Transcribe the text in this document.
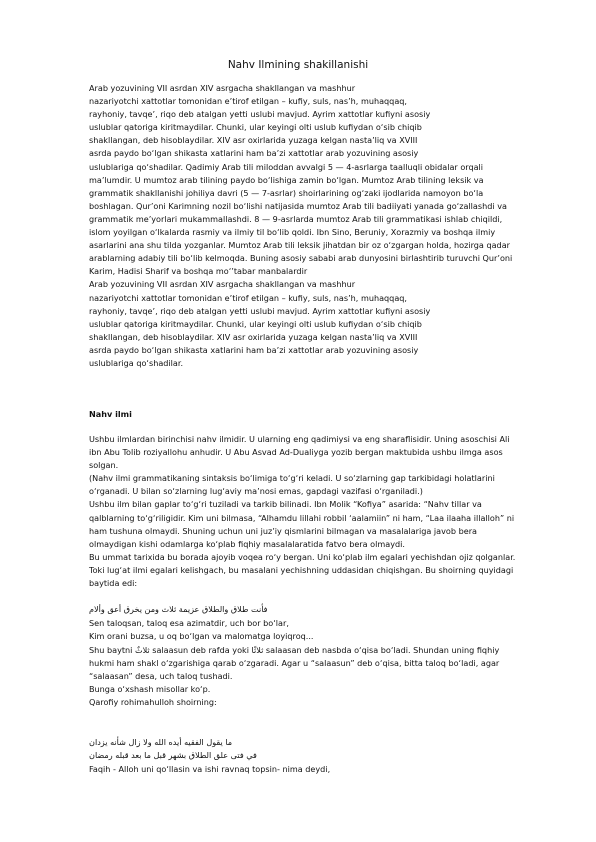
Nahv Ilmining shakillanishi
Arab yozuvining VII asrdan XIV asrgacha shakllangan va mashhur
nazariyotchi xattotlar tomonidan e’tirof etilgan – kufiy, suls, nas’h, muhaqqaq,
rayhoniy, tavqe’, riqo deb atalgan yetti uslubi mavjud. Ayrim xattotlar kufiyni asosiy
uslublar qatoriga kiritmaydilar. Chunki, ular keyingi olti uslub kufiydan o‘sib chiqib
shakllangan, deb hisoblaydilar. XIV asr oxirlarida yuzaga kelgan nasta’liq va XVIII
asrda paydo bo‘lgan shikasta xatlarini ham ba’zi xattotlar arab yozuvining asosiy
uslublariga qo‘shadilar. Qadimiy Arab tili miloddan avvalgi 5 — 4-asrlarga taalluqli obidalar orqali
ma’lumdir. U mumtoz arab tilining paydo bo‘lishiga zamin bo‘lgan. Mumtoz Arab tilining leksik va
grammatik shakllanishi johiliya davri (5 — 7-asrlar) shoirlarining og‘zaki ijodlarida namoyon bo‘la
boshlagan. Qur’oni Karimning nozil bo‘lishi natijasida mumtoz Arab tili badiiyati yanada go‘zallashdi va
grammatik me’yorlari mukammallashdi. 8 — 9-asrlarda mumtoz Arab tili grammatikasi ishlab chiqildi,
islom yoyilgan o‘lkalarda rasmiy va ilmiy til bo‘lib qoldi. Ibn Sino, Beruniy, Xorazmiy va boshqa ilmiy
asarlarini ana shu tilda yozganlar. Mumtoz Arab tili leksik jihatdan bir oz o‘zgargan holda, hozirga qadar
arablarning adabiy tili bo‘lib kelmoqda. Buning asosiy sababi arab dunyosini birlashtirib turuvchi Qur’oni
Karim, Hadisi Sharif va boshqa mo‘’tabar manbalardir
Arab yozuvining VII asrdan XIV asrgacha shakllangan va mashhur
nazariyotchi xattotlar tomonidan e’tirof etilgan – kufiy, suls, nas’h, muhaqqaq,
rayhoniy, tavqe’, riqo deb atalgan yetti uslubi mavjud. Ayrim xattotlar kufiyni asosiy
uslublar qatoriga kiritmaydilar. Chunki, ular keyingi olti uslub kufiydan o‘sib chiqib
shakllangan, deb hisoblaydilar. XIV asr oxirlarida yuzaga kelgan nasta’liq va XVIII
asrda paydo bo‘lgan shikasta xatlarini ham ba’zi xattotlar arab yozuvining asosiy
uslublariga qo‘shadilar.
Nahv ilmi
Ushbu ilmlardan birinchisi nahv ilmidir. U ularning eng qadimiysi va eng sharaflisidir. Uning asoschisi Ali
ibn Abu Tolib roziyallohu anhudir. U Abu Asvad Ad-Dualiyga yozib bergan maktubida ushbu ilmga asos
solgan.
(Nahv ilmi grammatikaning sintaksis bo‘limiga to‘g‘ri keladi. U so‘zlarning gap tarkibidagi holatlarini
o‘rganadi. U bilan so‘zlarning lug‘aviy ma’nosi emas, gapdagi vazifasi o‘rganiladi.)
Ushbu ilm bilan gaplar to‘g‘ri tuziladi va tarkib bilinadi. Ibn Molik “Kofiya” asarida: “Nahv tillar va
qalblarning to‘g‘riligidir. Kim uni bilmasa, “Alhamdu lillahi robbil ‘aalamiin” ni ham, “Laa ilaaha illalloh” ni
ham tushuna olmaydi. Shuning uchun uni juz’iy qismlarini bilmagan va masalalariga javob bera
olmaydigan kishi odamlarga ko‘plab fiqhiy masalalaratida fatvo bera olmaydi.
Bu ummat tarixida bu borada ajoyib voqea ro‘y bergan. Uni ko‘plab ilm egalari yechishdan ojiz qolganlar.
Toki lug‘at ilmi egalari kelishgach, bu masalani yechishning uddasidan chiqishgan. Bu shoirning quyidagi
baytida edi:
فأنت طلاق والطلاق عزيمة ثلاث ومن يخرق أعق وألام
Sen taloqsan, taloq esa azimatdir, uch bor bo‘lar,
Kim orani buzsa, u oq bo‘lgan va malomatga loyiqroq...
Shu baytni ثلاثٌ salaasun deb rafda yoki ثلاثًا salaasan deb nasbda o‘qisa bo‘ladi. Shundan uning fiqhiy
hukmi ham shakl o‘zgarishiga qarab o‘zgaradi. Agar u “salaasun” deb o‘qisa, bitta taloq bo‘ladi, agar
“salaasan” desa, uch taloq tushadi.
Bunga o‘xshash misollar ko‘p.
Qarofiy rohimahulloh shoirning:
ما يقول الفقيه أيده الله ولا زال شأنه يزدان
في فتى علق الطلاق بشهر قبل ما بعد قبله رمضان
Faqih - Alloh uni qo‘llasin va ishi ravnaq topsin- nima deydi,
